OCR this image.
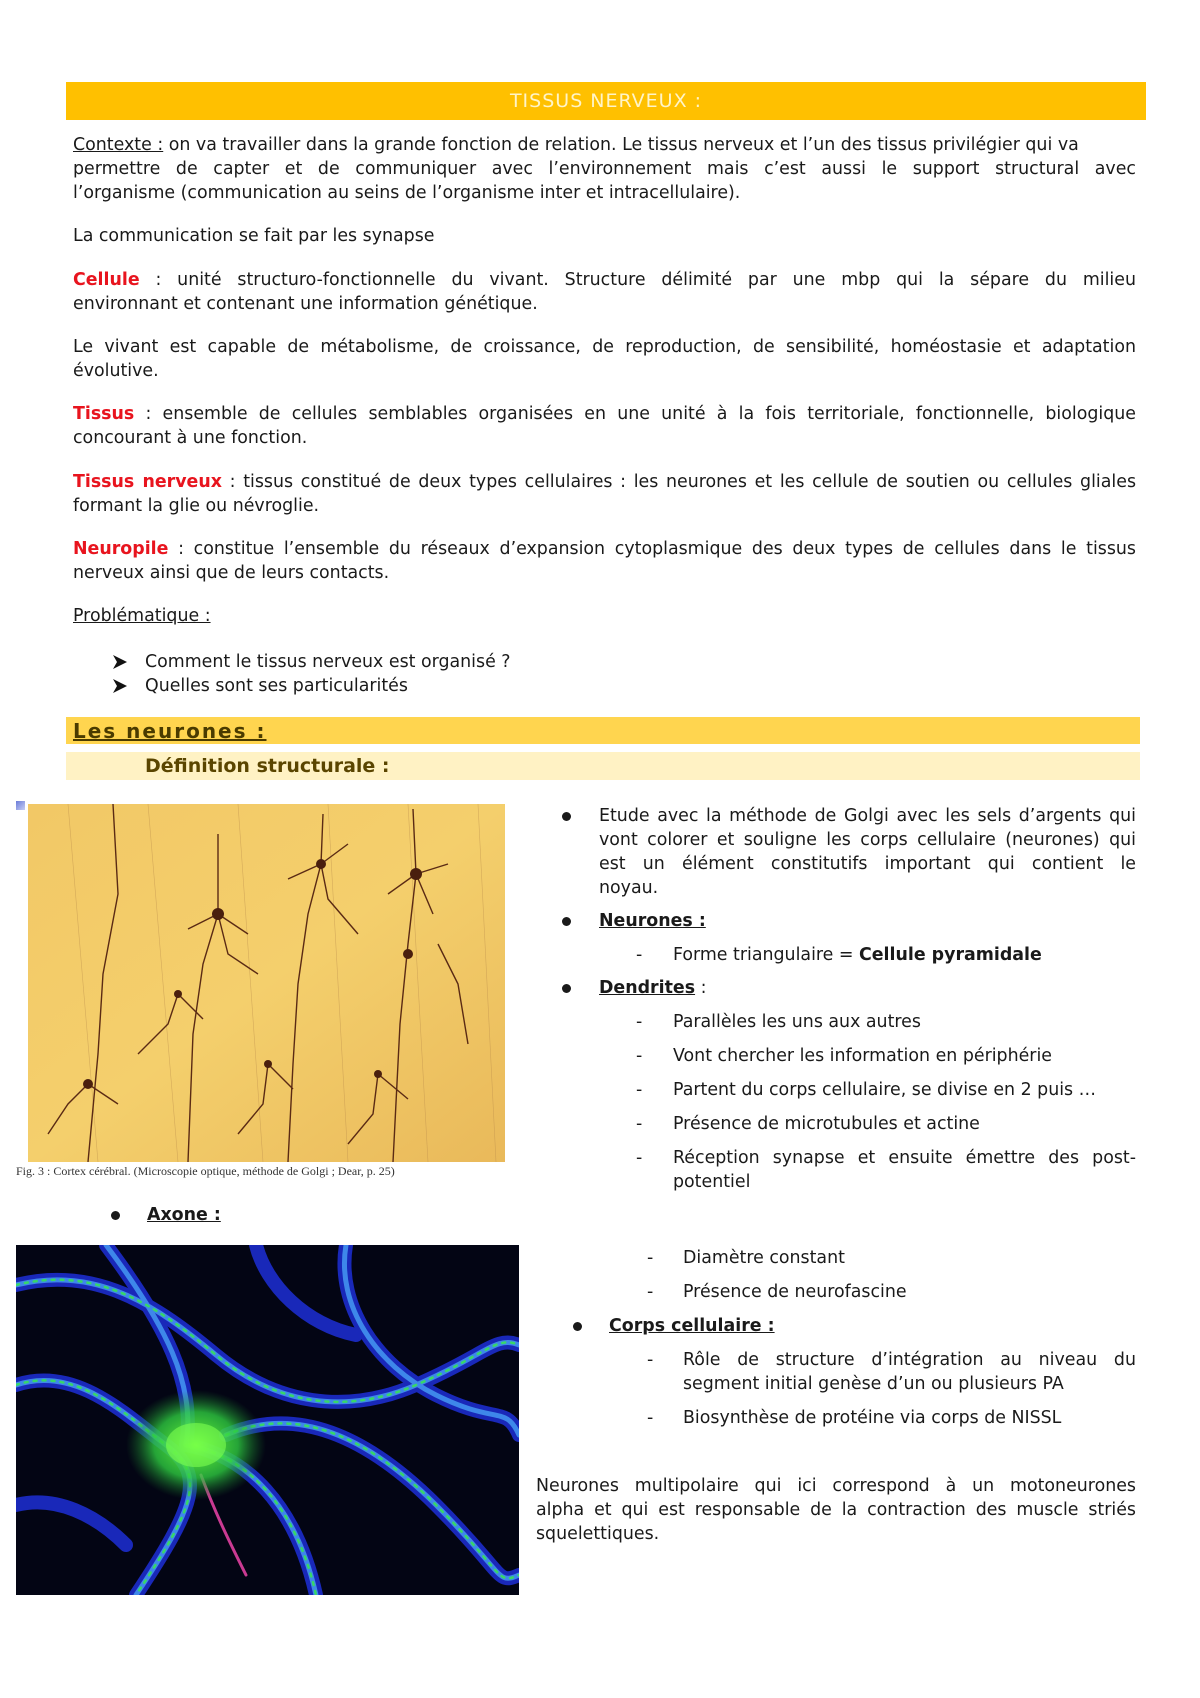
TISSUS NERVEUX :
Contexte : on va travailler dans la grande fonction de relation. Le tissus nerveux et l’un des tissus privilégier qui va
permettre de capter et de communiquer avec l’environnement mais c’est aussi le support structural avec
l’organisme (communication au seins de l’organisme inter et intracellulaire).
La communication se fait par les synapse
Cellule : unité structuro-fonctionnelle du vivant. Structure délimité par une mbp qui la sépare du milieu
environnant et contenant une information génétique.
Le vivant est capable de métabolisme, de croissance, de reproduction, de sensibilité, homéostasie et adaptation
évolutive.
Tissus : ensemble de cellules semblables organisées en une unité à la fois territoriale, fonctionnelle, biologique
concourant à une fonction.
Tissus nerveux : tissus constitué de deux types cellulaires : les neurones et les cellule de soutien ou cellules gliales
formant la glie ou névroglie.
Neuropile : constitue l’ensemble du réseaux d’expansion cytoplasmique des deux types de cellules dans le tissus
nerveux ainsi que de leurs contacts.
Problématique :
Comment le tissus nerveux est organisé ?
Quelles sont ses particularités
Les neurones :
Définition structurale :
Fig. 3 : Cortex cérébral. (Microscopie optique, méthode de Golgi ; Dear, p. 25)
Etude avec la méthode de Golgi avec les sels d’argents qui
vont colorer et souligne les corps cellulaire (neurones) qui
est un élément constitutifs important qui contient le
noyau.
Neurones :
- Forme triangulaire = Cellule pyramidale
Dendrites :
- Parallèles les uns aux autres
- Vont chercher les information en périphérie
- Partent du corps cellulaire, se divise en 2 puis …
- Présence de microtubules et actine
- Réception synapse et ensuite émettre des post-
potentiel
Axone :
- Diamètre constant
- Présence de neurofascine
Corps cellulaire :
- Rôle de structure d’intégration au niveau du
segment initial genèse d’un ou plusieurs PA
- Biosynthèse de protéine via corps de NISSL
Neurones multipolaire qui ici correspond à un motoneurones
alpha et qui est responsable de la contraction des muscle striés
squelettiques.
